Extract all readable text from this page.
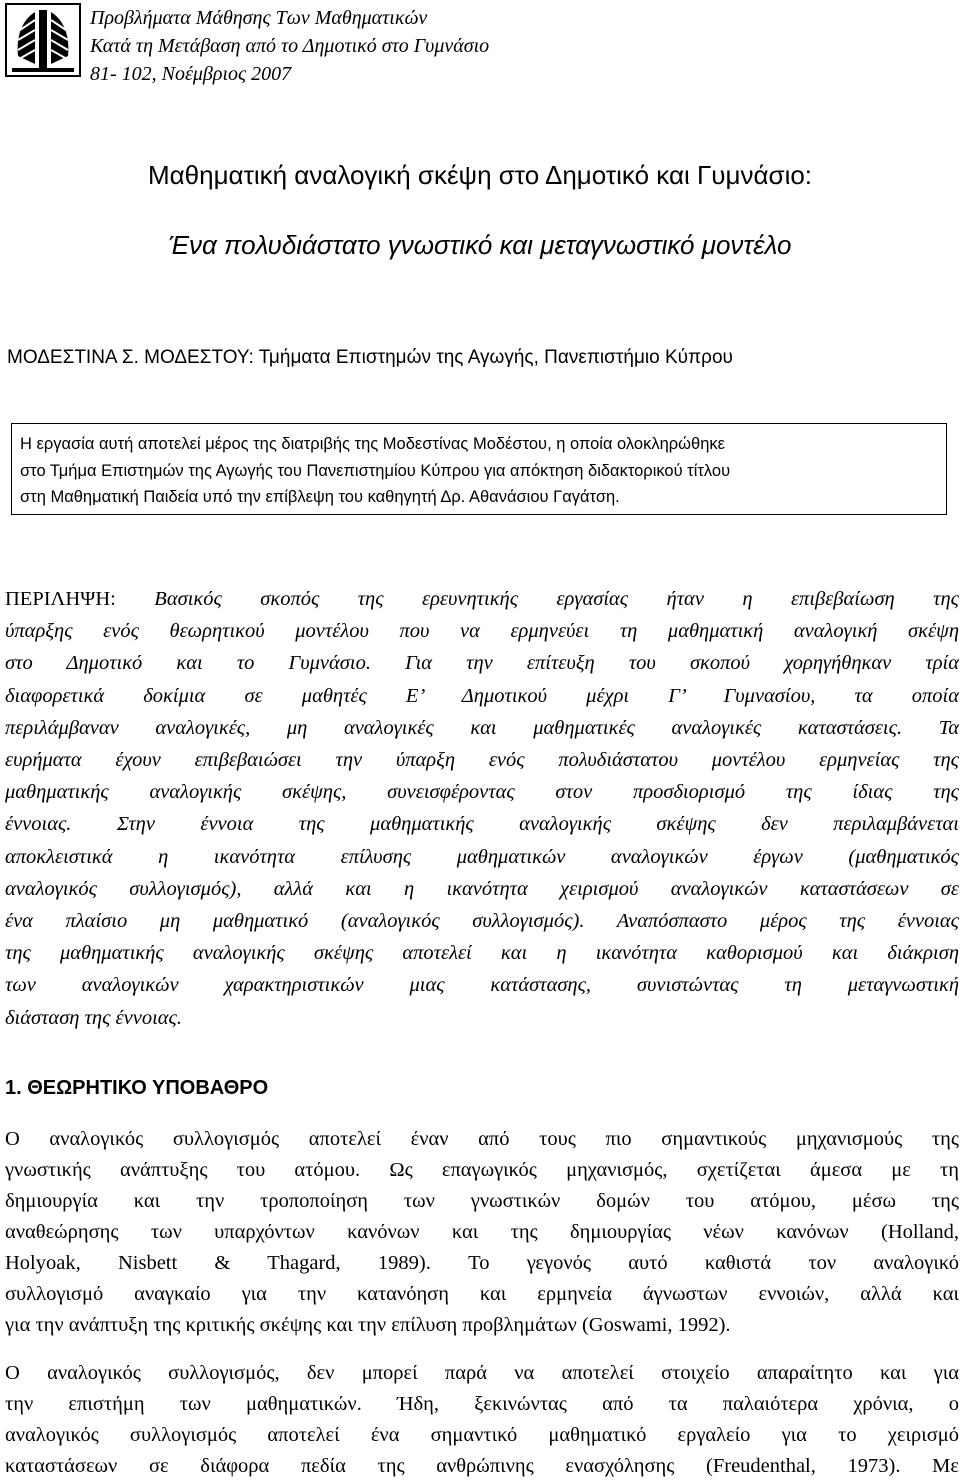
Προβλήματα Μάθησης Των Μαθηματικών
Κατά τη Μετάβαση από το Δημοτικό στο Γυμνάσιο
81- 102, Νοέμβριος 2007
Μαθηματική αναλογική σκέψη στο Δημοτικό και Γυμνάσιο:
Ένα πολυδιάστατο γνωστικό και μεταγνωστικό μοντέλο
ΜΟΔΕΣΤΙΝΑ Σ. ΜΟΔΕΣΤΟΥ: Τμήματα Επιστημών της Αγωγής, Πανεπιστήμιο Κύπρου
Η εργασία αυτή αποτελεί μέρος της διατριβής της Μοδεστίνας Μοδέστου, η οποία ολοκληρώθηκε
στο Τμήμα Επιστημών της Αγωγής του Πανεπιστημίου Κύπρου για απόκτηση διδακτορικού τίτλου
στη Μαθηματική Παιδεία υπό την επίβλεψη του καθηγητή Δρ. Αθανάσιου Γαγάτση.
ΠΕΡΙΛΗΨΗ: Βασικός σκοπός της ερευνητικής εργασίας ήταν η επιβεβαίωση της
ύπαρξης ενός θεωρητικού μοντέλου που να ερμηνεύει τη μαθηματική αναλογική σκέψη
στο Δημοτικό και το Γυμνάσιο. Για την επίτευξη του σκοπού χορηγήθηκαν τρία
διαφορετικά δοκίμια σε μαθητές Ε’ Δημοτικού μέχρι Γ’ Γυμνασίου, τα οποία
περιλάμβαναν αναλογικές, μη αναλογικές και μαθηματικές αναλογικές καταστάσεις. Τα
ευρήματα έχουν επιβεβαιώσει την ύπαρξη ενός πολυδιάστατου μοντέλου ερμηνείας της
μαθηματικής αναλογικής σκέψης, συνεισφέροντας στον προσδιορισμό της ίδιας της
έννοιας. Στην έννοια της μαθηματικής αναλογικής σκέψης δεν περιλαμβάνεται
αποκλειστικά η ικανότητα επίλυσης μαθηματικών αναλογικών έργων (μαθηματικός
αναλογικός συλλογισμός), αλλά και η ικανότητα χειρισμού αναλογικών καταστάσεων σε
ένα πλαίσιο μη μαθηματικό (αναλογικός συλλογισμός). Αναπόσπαστο μέρος της έννοιας
της μαθηματικής αναλογικής σκέψης αποτελεί και η ικανότητα καθορισμού και διάκριση
των αναλογικών χαρακτηριστικών μιας κατάστασης, συνιστώντας τη μεταγνωστική
διάσταση της έννοιας.
1. ΘΕΩΡΗΤΙΚΟ ΥΠΟΒΑΘΡΟ
Ο αναλογικός συλλογισμός αποτελεί έναν από τους πιο σημαντικούς μηχανισμούς της
γνωστικής ανάπτυξης του ατόμου. Ως επαγωγικός μηχανισμός, σχετίζεται άμεσα με τη
δημιουργία και την τροποποίηση των γνωστικών δομών του ατόμου, μέσω της
αναθεώρησης των υπαρχόντων κανόνων και της δημιουργίας νέων κανόνων (Holland,
Holyoak, Nisbett & Thagard, 1989). Το γεγονός αυτό καθιστά τον αναλογικό
συλλογισμό αναγκαίο για την κατανόηση και ερμηνεία άγνωστων εννοιών, αλλά και
για την ανάπτυξη της κριτικής σκέψης και την επίλυση προβλημάτων (Goswami, 1992).
Ο αναλογικός συλλογισμός, δεν μπορεί παρά να αποτελεί στοιχείο απαραίτητο και για
την επιστήμη των μαθηματικών. Ήδη, ξεκινώντας από τα παλαιότερα χρόνια, ο
αναλογικός συλλογισμός αποτελεί ένα σημαντικό μαθηματικό εργαλείο για το χειρισμό
καταστάσεων σε διάφορα πεδία της ανθρώπινης ενασχόλησης (Freudenthal, 1973). Με
